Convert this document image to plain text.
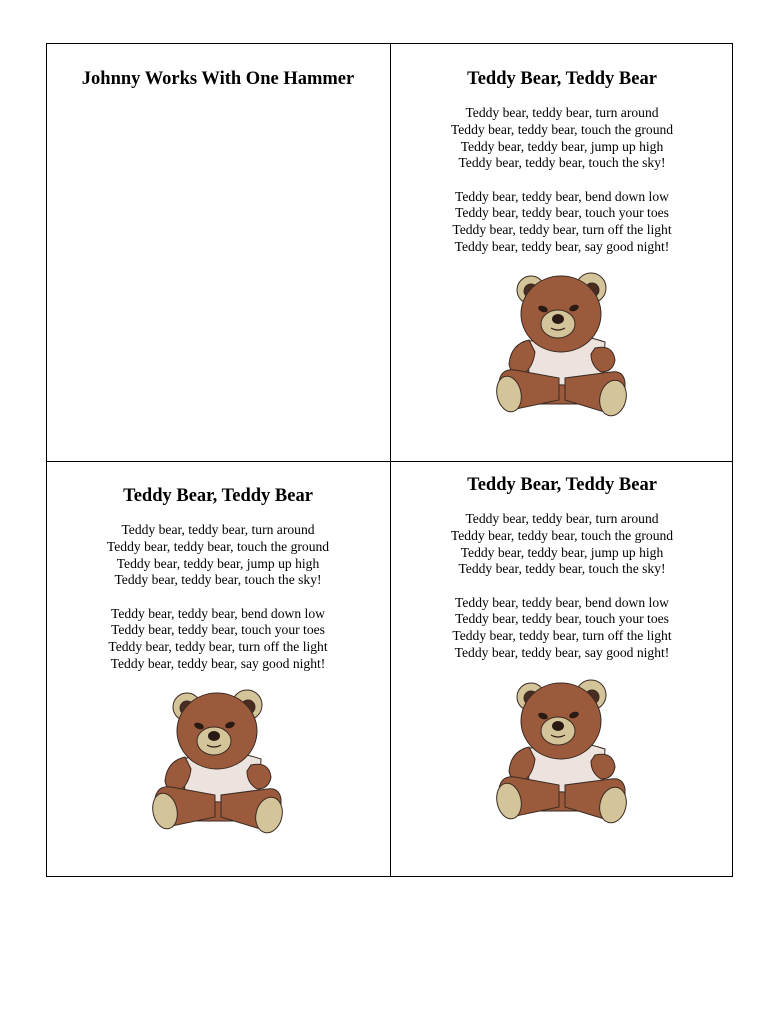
Johnny Works With One Hammer	Teddy Bear, Teddy Bear

Teddy bear, teddy bear, turn around
Teddy bear, teddy bear, touch the ground
Teddy bear, teddy bear, jump up high
Teddy bear, teddy bear, touch the sky!

Teddy bear, teddy bear, bend down low
Teddy bear, teddy bear, touch your toes
Teddy bear, teddy bear, turn off the light
Teddy bear, teddy bear, say good night!

Teddy Bear, Teddy Bear

Teddy bear, teddy bear, turn around
Teddy bear, teddy bear, touch the ground
Teddy bear, teddy bear, jump up high
Teddy bear, teddy bear, touch the sky!

Teddy bear, teddy bear, bend down low
Teddy bear, teddy bear, touch your toes
Teddy bear, teddy bear, turn off the light
Teddy bear, teddy bear, say good night!

Teddy Bear, Teddy Bear

Teddy bear, teddy bear, turn around
Teddy bear, teddy bear, touch the ground
Teddy bear, teddy bear, jump up high
Teddy bear, teddy bear, touch the sky!

Teddy bear, teddy bear, bend down low
Teddy bear, teddy bear, touch your toes
Teddy bear, teddy bear, turn off the light
Teddy bear, teddy bear, say good night!
